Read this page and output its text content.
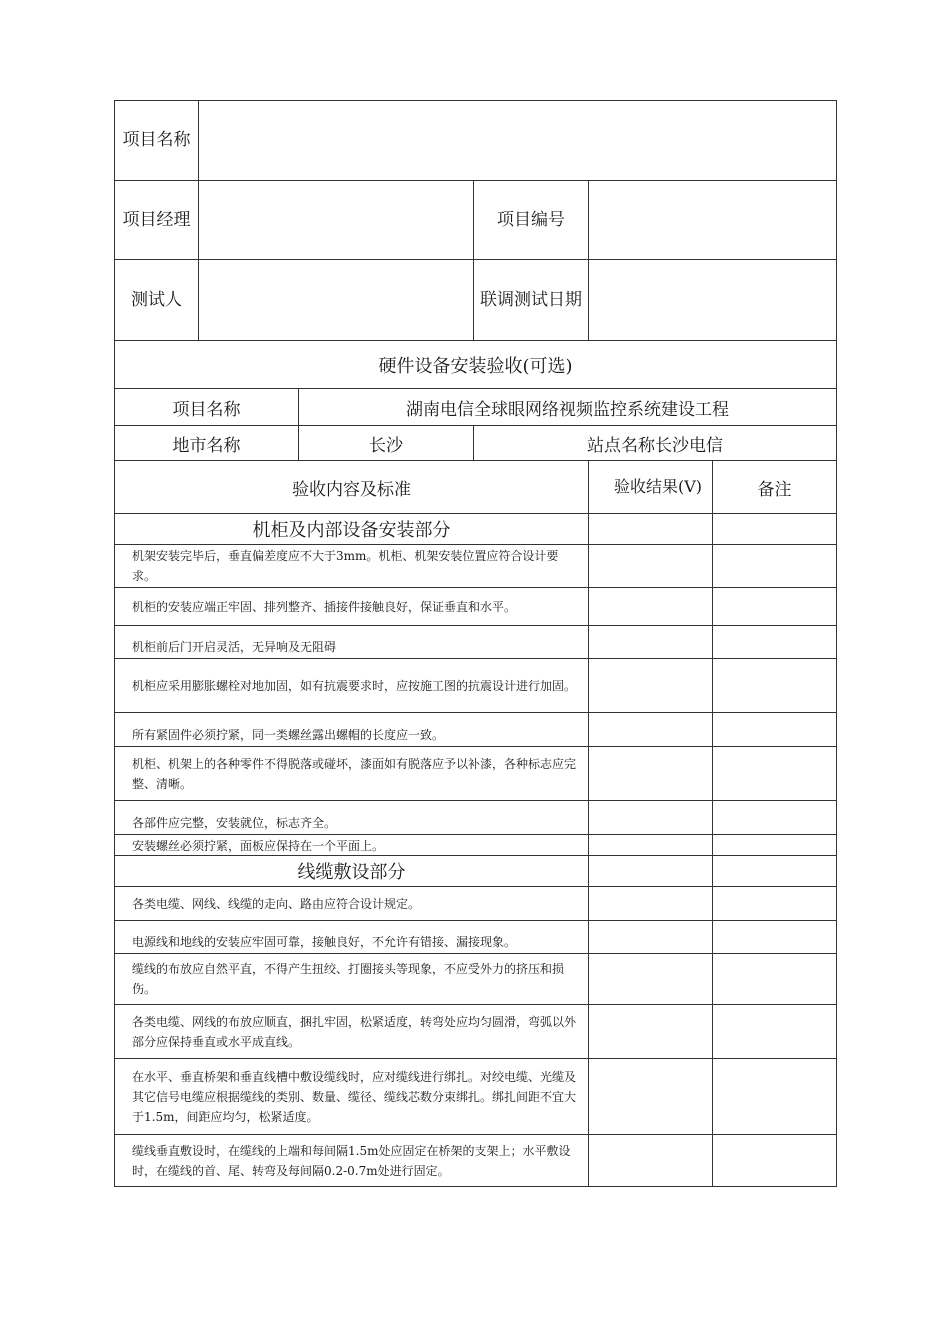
项目名称					
项目经理			项目编号		
测试人			联调测试日期		
硬件设备安装验收(可选)					
项目名称		湖南电信全球眼网络视频监控系统建设工程			
地市名称		长沙	站点名称长沙电信		
验收内容及标准				验收结果(V)	备注
机柜及内部设备安装部分					
机架安装完毕后，垂直偏差度应不大于3mm。机柜、机架安装位置应符合设计要求。					
机柜的安装应端正牢固、排列整齐、插接件接触良好，保证垂直和水平。					
机柜前后门开启灵活，无异响及无阻碍					
机柜应采用膨胀螺栓对地加固，如有抗震要求时，应按施工图的抗震设计进行加固。					
所有紧固件必须拧紧，同一类螺丝露出螺帽的长度应一致。					
机柜、机架上的各种零件不得脱落或碰坏，漆面如有脱落应予以补漆，各种标志应完整、清晰。					
各部件应完整，安装就位，标志齐全。					
安装螺丝必须拧紧，面板应保持在一个平面上。					
线缆敷设部分					
各类电缆、网线、线缆的走向、路由应符合设计规定。					
电源线和地线的安装应牢固可靠，接触良好，不允许有错接、漏接现象。					
缆线的布放应自然平直，不得产生扭绞、打圈接头等现象，不应受外力的挤压和损伤。					
各类电缆、网线的布放应顺直，捆扎牢固，松紧适度，转弯处应均匀圆滑，弯弧以外部分应保持垂直或水平成直线。					
在水平、垂直桥架和垂直线槽中敷设缆线时，应对缆线进行绑扎。对绞电缆、光缆及其它信号电缆应根据缆线的类别、数量、缆径、缆线芯数分束绑扎。绑扎间距不宜大于1.5m，间距应均匀，松紧适度。					
缆线垂直敷设时，在缆线的上端和每间隔1.5m处应固定在桥架的支架上；水平敷设时，在缆线的首、尾、转弯及每间隔0.2-0.7m处进行固定。					
